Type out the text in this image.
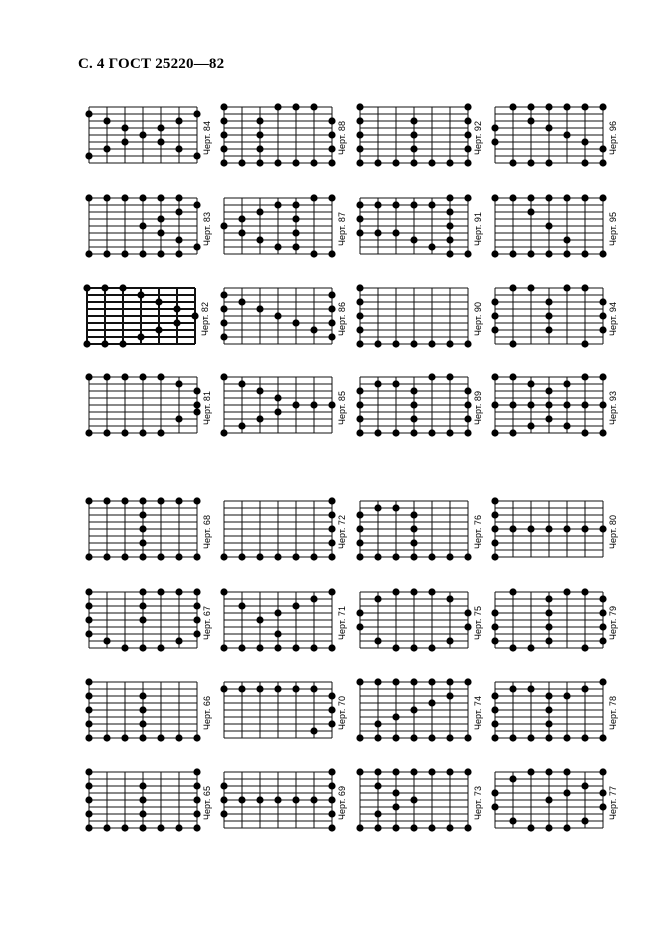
С. 4 ГОСТ 25220—82
Черт. 84	Черт. 88	Черт. 92	Черт. 96
Черт. 83	Черт. 87	Черт. 91	Черт. 95
Черт. 82	Черт. 86	Черт. 90	Черт. 94
Черт. 81	Черт. 85	Черт. 89	Черт. 93
Черт. 68	Черт. 72	Черт. 76	Черт. 80
Черт. 67	Черт. 71	Черт. 75	Черт. 79
Черт. 66	Черт. 70	Черт. 74	Черт. 78
Черт. 65	Черт. 69	Черт. 73	Черт. 77
